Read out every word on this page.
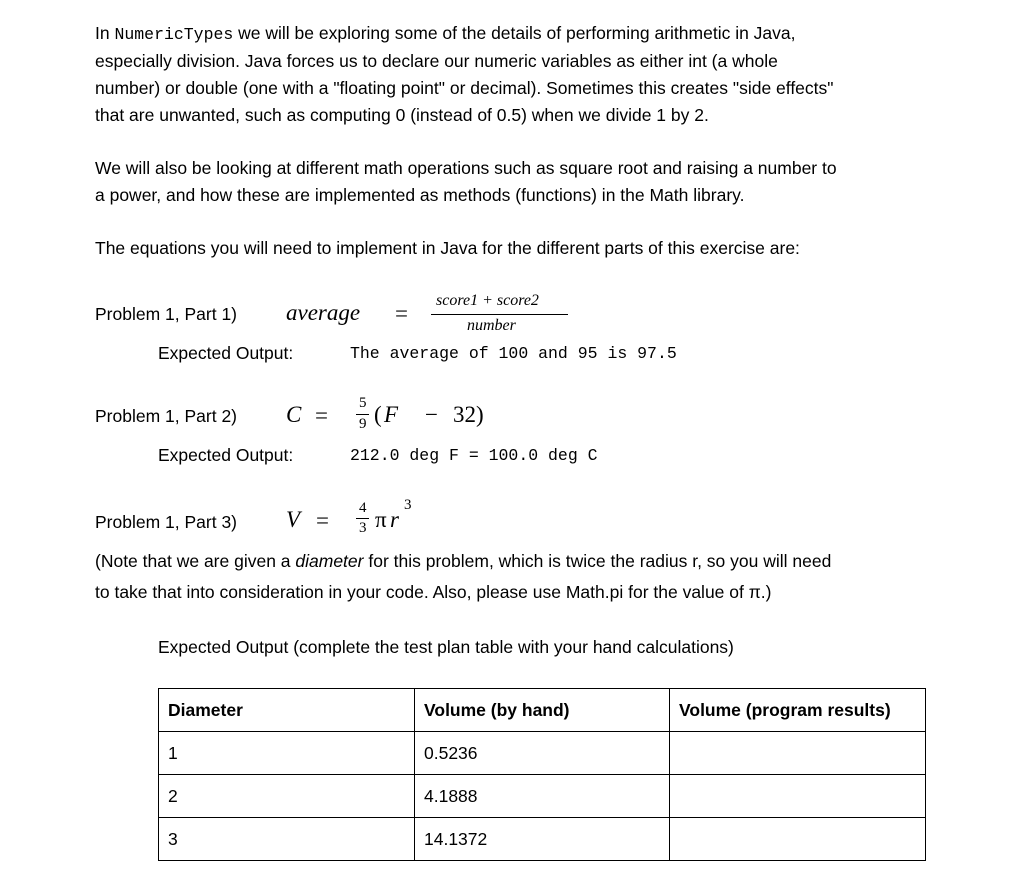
In NumericTypes we will be exploring some of the details of performing arithmetic in Java,
especially division. Java forces us to declare our numeric variables as either int (a whole
number) or double (one with a "floating point" or decimal). Sometimes this creates "side effects"
that are unwanted, such as computing 0 (instead of 0.5) when we divide 1 by 2.

We will also be looking at different math operations such as square root and raising a number to
a power, and how these are implemented as methods (functions) in the Math library.

The equations you will need to implement in Java for the different parts of this exercise are:

Problem 1, Part 1) average =
score1 + score2
number
Expected Output:	The average of 100 and 95 is 97.5
Problem 1, Part 2) C = 5
9 ( F − 32)
Expected Output:	212.0 deg F = 100.0 deg C
Problem 1, Part 3) V = 4
3 π r
3

(Note that we are given a diameter for this problem, which is twice the radius r, so you will need
to take that into consideration in your code. Also, please use Math.pi for the value of π.)

Expected Output (complete the test plan table with your hand calculations)
Diameter	Volume (by hand)	Volume (program results)
1	0.5236	
2	4.1888	
3	14.1372	
